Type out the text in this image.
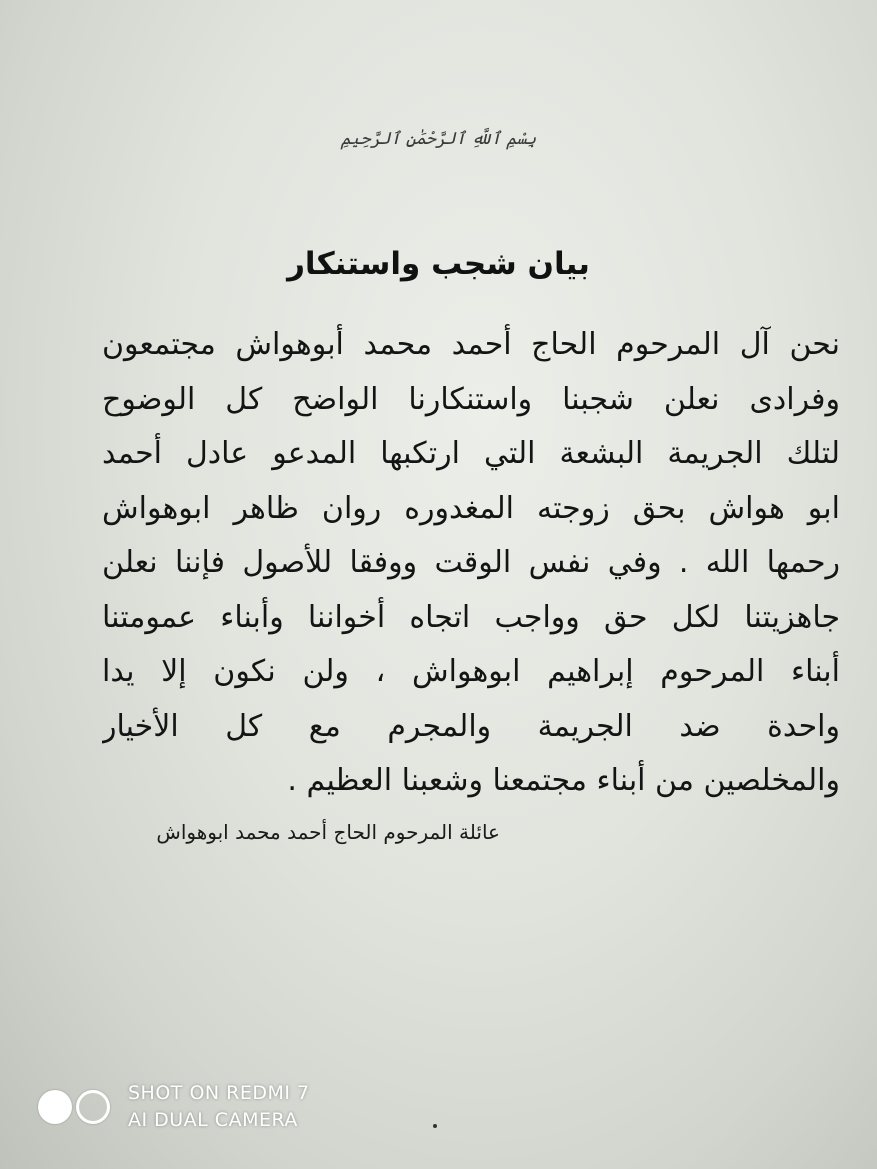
بِسْمِ ٱللَّهِ ٱلرَّحْمَٰنِ ٱلرَّحِيمِ
بيان شجب واستنكار
نحن آل المرحوم الحاج أحمد محمد أبوهواش مجتمعون
وفرادى نعلن شجبنا واستنكارنا الواضح كل الوضوح
لتلك الجريمة البشعة التي ارتكبها المدعو عادل أحمد
ابو هواش بحق زوجته المغدوره روان ظاهر ابوهواش
رحمها الله . وفي نفس الوقت ووفقا للأصول فإننا نعلن
جاهزيتنا لكل حق وواجب اتجاه أخواننا وأبناء عمومتنا
أبناء المرحوم إبراهيم ابوهواش ، ولن نكون إلا يدا
واحدة ضد الجريمة والمجرم مع كل الأخيار
والمخلصين من أبناء مجتمعنا وشعبنا العظيم .
عائلة المرحوم الحاج أحمد محمد ابوهواش
SHOT ON REDMI 7
AI DUAL CAMERA
